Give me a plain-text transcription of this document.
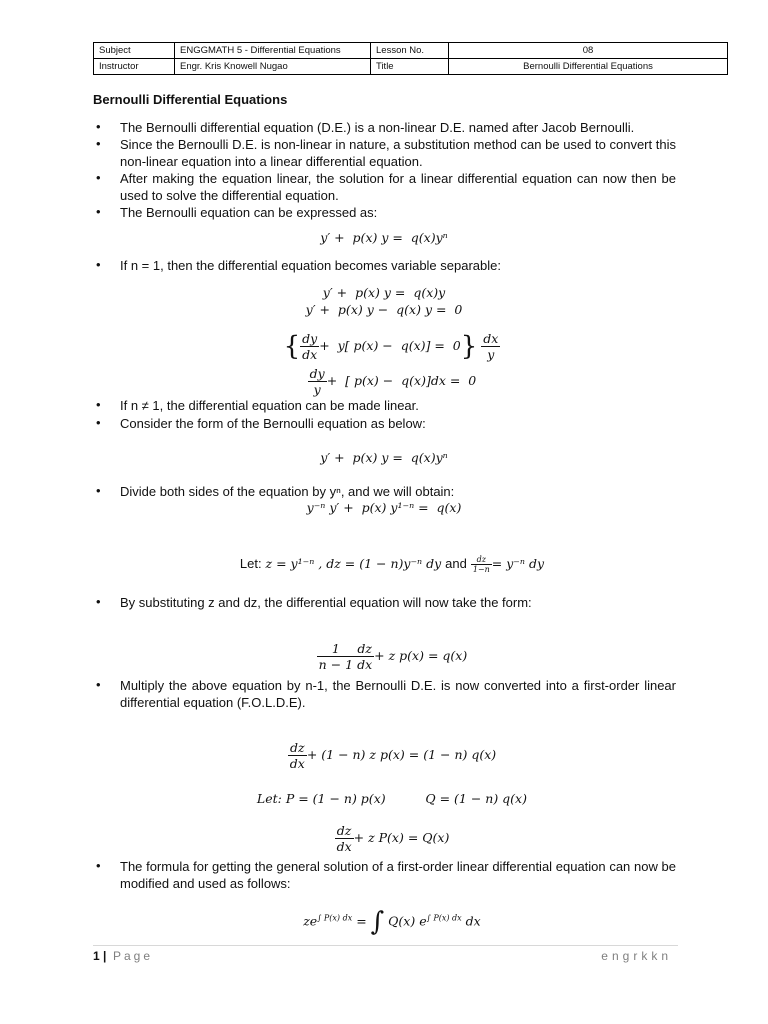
Subject	ENGGMATH 5 - Differential Equations	Lesson No.	08
Instructor	Engr. Kris Knowell Nugao	Title	Bernoulli Differential Equations
Bernoulli Differential Equations
• The Bernoulli differential equation (D.E.) is a non-linear D.E. named after Jacob Bernoulli.
• Since the Bernoulli D.E. is non-linear in nature, a substitution method can be used to convert this non-linear equation into a linear differential equation.
• After making the equation linear, the solution for a linear differential equation can now then be used to solve the differential equation.
• The Bernoulli equation can be expressed as:
y′ +  p(x) y =  q(x)yⁿ
• If n = 1, then the differential equation becomes variable separable:
y′ +  p(x) y =  q(x)y
y′ +  p(x) y −  q(x) y =  0

{ $\frac{dy}{dx} + y$[ $p(x) - q(x)] = 0\} \frac{dx}{y}$

$\frac{dy}{y}$ +  [ p(x) −  q(x)]dx =  0

• If n ≠ 1, the differential equation can be made linear.
• Consider the form of the Bernoulli equation as below:
y′ +  p(x) y =  q(x)yⁿ
• Divide both sides of the equation by yⁿ, and we will obtain:
y⁻ⁿ y′ +  p(x) y¹⁻ⁿ =  q(x)

Let: z = y¹⁻ⁿ , dz = (1 − n)y⁻ⁿ dy and $\frac{dz}{1-n} = y^{-n}$ dy

• By substituting z and dz, the differential equation will now take the form:

$\frac{1}{n - 1} \frac{dz}{dx} + z$ p(x) = q(x)

• Multiply the above equation by n-1, the Bernoulli D.E. is now converted into a first-order linear differential equation (F.O.L.D.E).

$\frac{dz}{dx} + (1 - n)$ z p(x) = (1 − n) q(x)

Let: P = (1 − n) p(x)	Q = (1 − n) q(x)

$\frac{dz}{dx} + z$ P(x) = Q(x)

• The formula for getting the general solution of a first-order linear differential equation can now be modified and used as follows:

$ze^{\int P(x) dx}$ = ∫ Q(x) $e^{\int P(x) dx}$ dx

1 | Page	engrkkn
